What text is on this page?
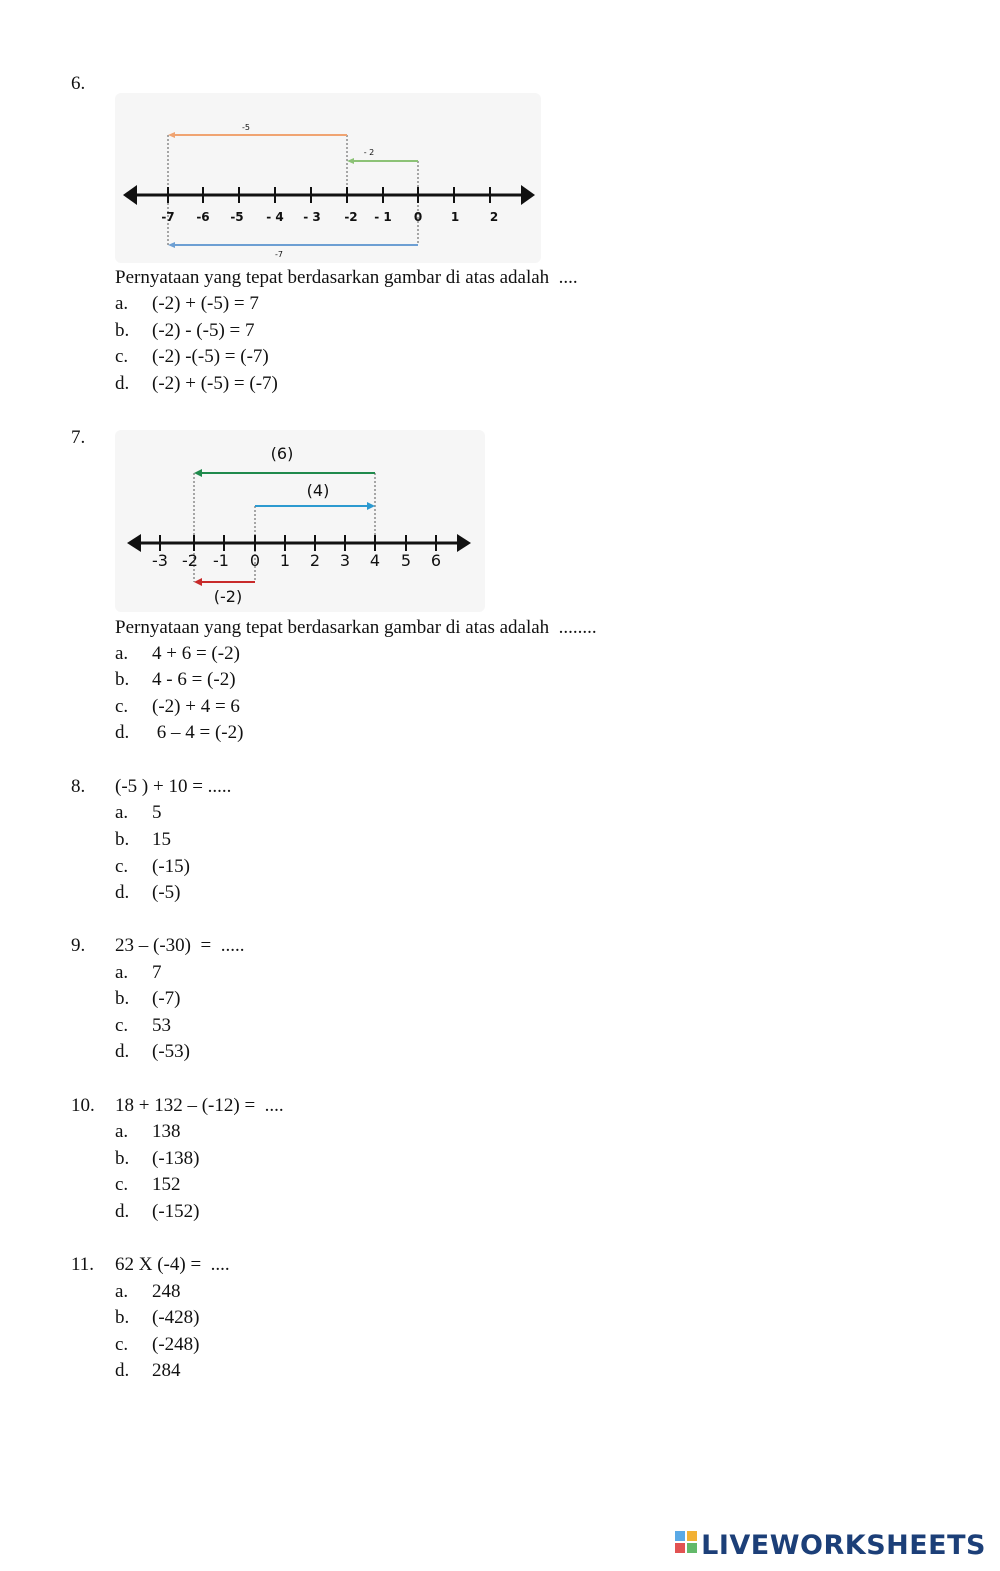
6.
-7 -6 -5 - 4 - 3 -2 - 1 0 1	2
-5
- 2
-7
Pernyataan yang tepat berdasarkan gambar di atas adalah  ....
a. (-2) + (-5) = 7
b. (-2) - (-5) = 7
c. (-2) -(-5) = (-7)
d. (-2) + (-5) = (-7)
7.
-3 -2 -1 0 1 2 3 4 5 6
(6)
(4)
(-2)
Pernyataan yang tepat berdasarkan gambar di atas adalah  ........
a. 4 + 6 = (-2)
b. 4 - 6 = (-2)
c. (-2) + 4 = 6
d. 6 – 4 = (-2)
8. (-5 ) + 10 = .....
a. 5
b. 15
c. (-15)
d. (-5)
9. 23 – (-30)  =  .....
a. 7
b. (-7)
c. 53
d. (-53)
10. 18 + 132 – (-12) =  ....
a. 138
b. (-138)
c. 152
d. (-152)
11. 62 X (-4) =  ....
a. 248
b. (-428)
c. (-248)
d. 284
LIVEWORKSHEETS
